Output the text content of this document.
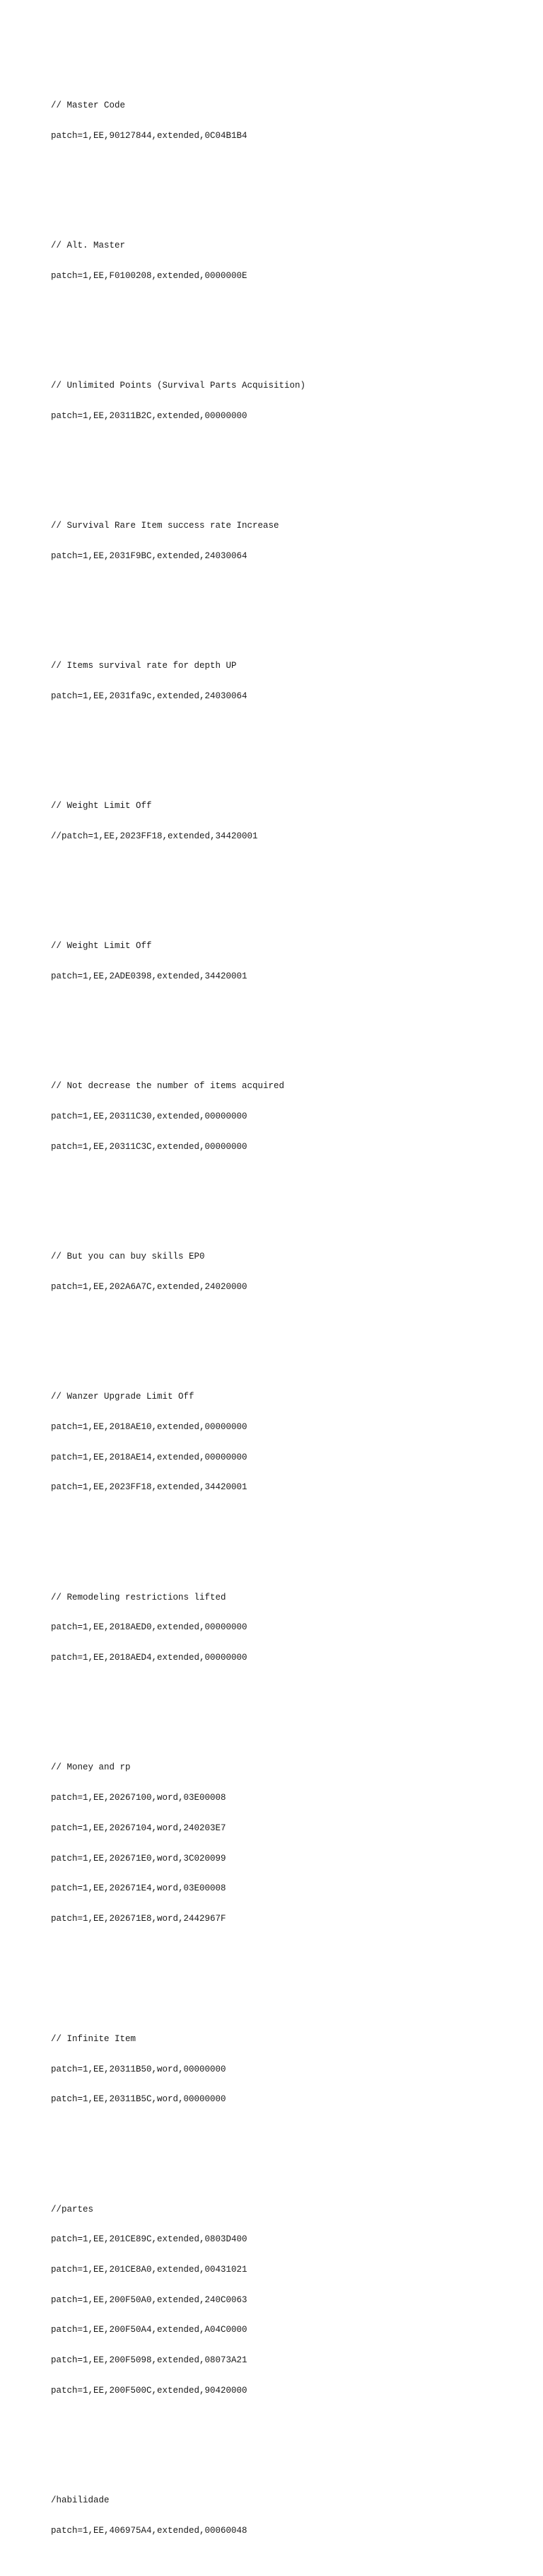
// Master Code

patch=1,EE,90127844,extended,0C04B1B4

// Alt. Master

patch=1,EE,F0100208,extended,0000000E

// Unlimited Points (Survival Parts Acquisition)

patch=1,EE,20311B2C,extended,00000000

// Survival Rare Item success rate Increase

patch=1,EE,2031F9BC,extended,24030064

// Items survival rate for depth UP

patch=1,EE,2031fa9c,extended,24030064

// Weight Limit Off

//patch=1,EE,2023FF18,extended,34420001

// Weight Limit Off

patch=1,EE,2ADE0398,extended,34420001

// Not decrease the number of items acquired

patch=1,EE,20311C30,extended,00000000

patch=1,EE,20311C3C,extended,00000000

// But you can buy skills EP0

patch=1,EE,202A6A7C,extended,24020000

// Wanzer Upgrade Limit Off

patch=1,EE,2018AE10,extended,00000000

patch=1,EE,2018AE14,extended,00000000

patch=1,EE,2023FF18,extended,34420001

// Remodeling restrictions lifted

patch=1,EE,2018AED0,extended,00000000

patch=1,EE,2018AED4,extended,00000000

// Money and rp

patch=1,EE,20267100,word,03E00008

patch=1,EE,20267104,word,240203E7

patch=1,EE,202671E0,word,3C020099

patch=1,EE,202671E4,word,03E00008

patch=1,EE,202671E8,word,2442967F

// Infinite Item

patch=1,EE,20311B50,word,00000000

patch=1,EE,20311B5C,word,00000000

//partes

patch=1,EE,201CE89C,extended,0803D400

patch=1,EE,201CE8A0,extended,00431021

patch=1,EE,200F50A0,extended,240C0063

patch=1,EE,200F50A4,extended,A04C0000

patch=1,EE,200F5098,extended,08073A21

patch=1,EE,200F500C,extended,90420000

/habilidade

patch=1,EE,406975A4,extended,00060048
